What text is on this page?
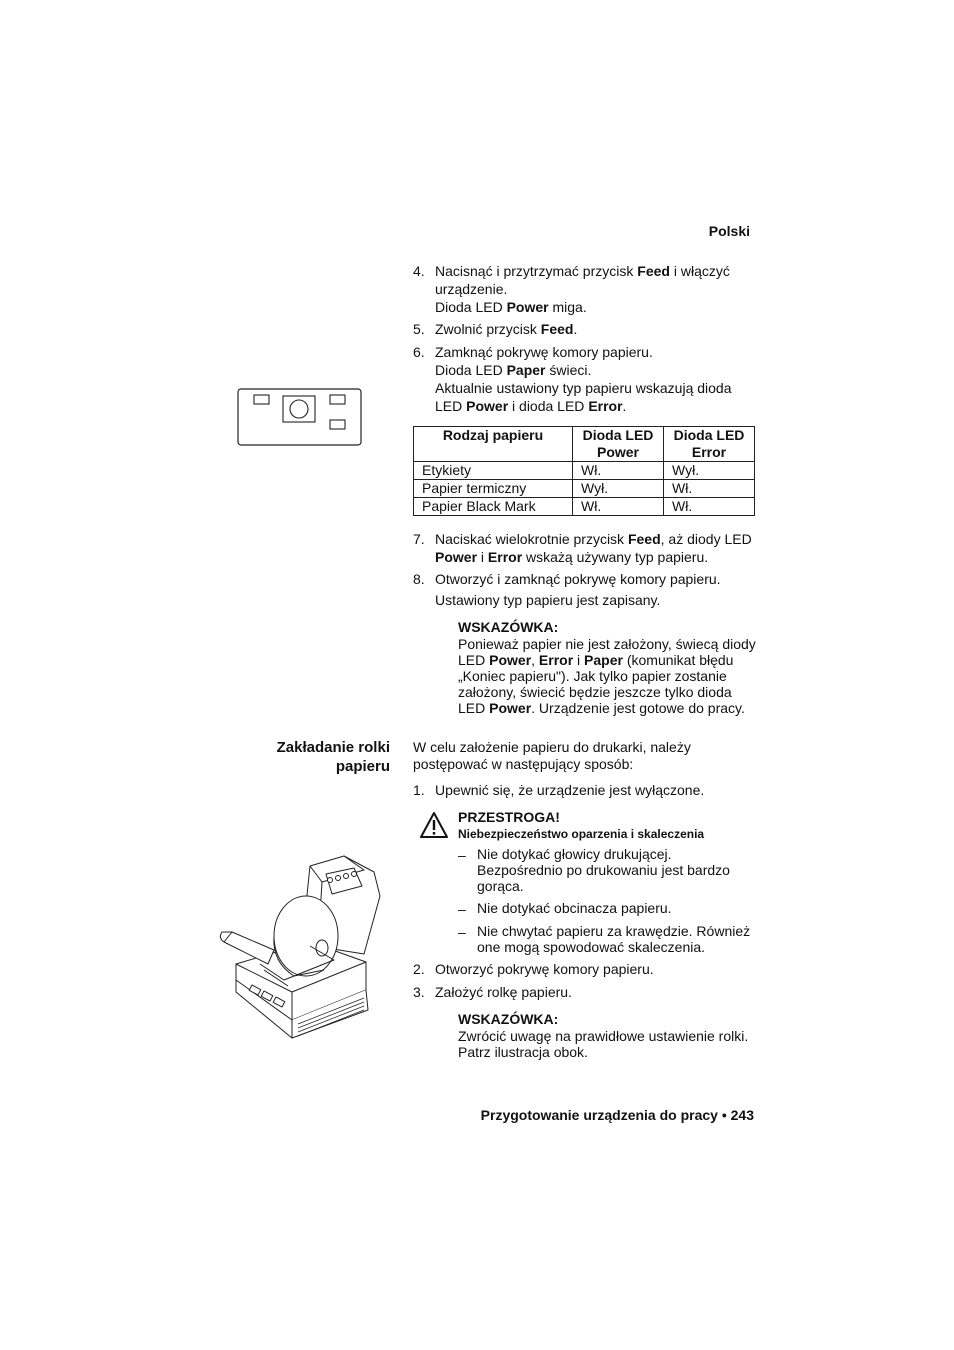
Polski
4. Nacisnąć i przytrzymać przycisk Feed i włączyć urządzenie.
Dioda LED Power miga.
5. Zwolnić przycisk Feed.
6. Zamknąć pokrywę komory papieru.
Dioda LED Paper świeci.
Aktualnie ustawiony typ papieru wskazują dioda LED Power i dioda LED Error.
Rodzaj papieru	Dioda LED Power	Dioda LED Error
Etykiety	Wł.	Wył.
Papier termiczny	Wył.	Wł.
Papier Black Mark	Wł.	Wł.
7. Naciskać wielokrotnie przycisk Feed, aż diody LED Power i Error wskażą używany typ papieru.
8. Otworzyć i zamknąć pokrywę komory papieru.
Ustawiony typ papieru jest zapisany.
WSKAZÓWKA:
Ponieważ papier nie jest założony, świecą diody LED Power, Error i Paper (komunikat błędu „Koniec papieru"). Jak tylko papier zostanie założony, świecić będzie jeszcze tylko dioda LED Power. Urządzenie jest gotowe do pracy.
Zakładanie rolki
papieru
W celu założenie papieru do drukarki, należy postępować w następujący sposób:
1. Upewnić się, że urządzenie jest wyłączone.
PRZESTROGA!
Niebezpieczeństwo oparzenia i skaleczenia
– Nie dotykać głowicy drukującej. Bezpośrednio po drukowaniu jest bardzo gorąca.
– Nie dotykać obcinacza papieru.
– Nie chwytać papieru za krawędzie. Również one mogą spowodować skaleczenia.
2. Otworzyć pokrywę komory papieru.
3. Założyć rolkę papieru.
WSKAZÓWKA:
Zwrócić uwagę na prawidłowe ustawienie rolki. Patrz ilustracja obok.
Przygotowanie urządzenia do pracy • 243
